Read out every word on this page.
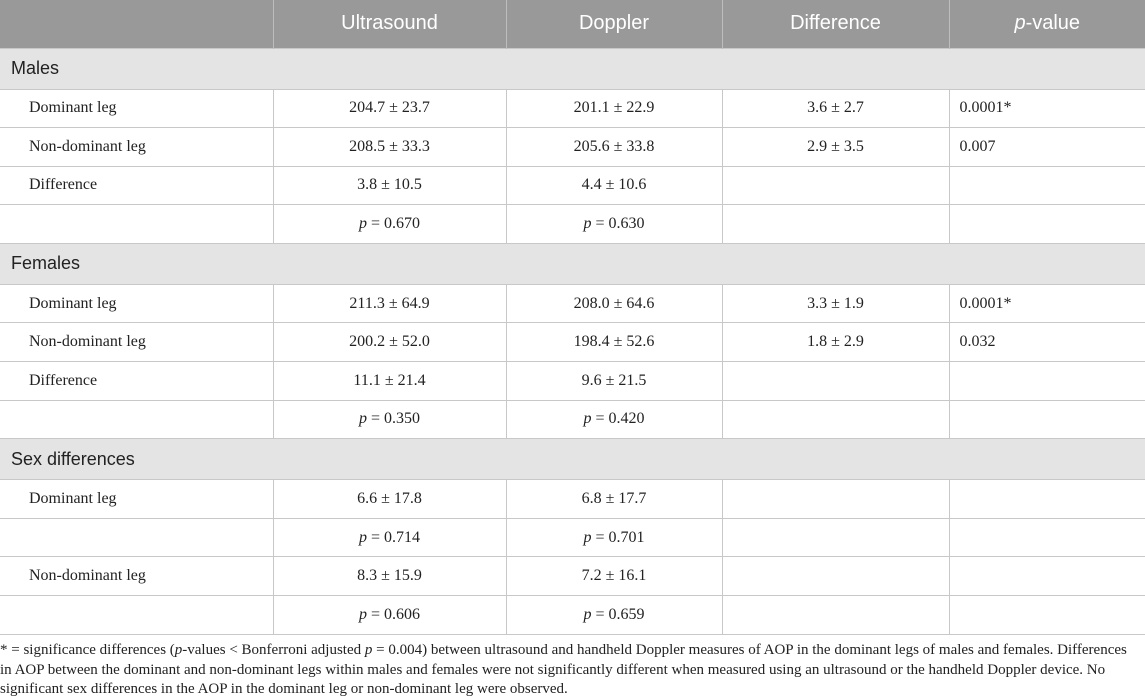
	Ultrasound	Doppler	Difference	p-value
Males				
Dominant leg	204.7 ± 23.7	201.1 ± 22.9	3.6 ± 2.7	0.0001*
Non-dominant leg	208.5 ± 33.3	205.6 ± 33.8	2.9 ± 3.5	0.007
Difference	3.8 ± 10.5	4.4 ± 10.6		
	p = 0.670	p = 0.630		
Females				
Dominant leg	211.3 ± 64.9	208.0 ± 64.6	3.3 ± 1.9	0.0001*
Non-dominant leg	200.2 ± 52.0	198.4 ± 52.6	1.8 ± 2.9	0.032
Difference	11.1 ± 21.4	9.6 ± 21.5		
	p = 0.350	p = 0.420		
Sex differences				
Dominant leg	6.6 ± 17.8	6.8 ± 17.7		
	p = 0.714	p = 0.701		
Non-dominant leg	8.3 ± 15.9	7.2 ± 16.1		
	p = 0.606	p = 0.659		
* = significance differences (p-values < Bonferroni adjusted p = 0.004) between ultrasound and handheld Doppler measures of AOP in the dominant legs of males and females. Differences in AOP between the dominant and non-dominant legs within males and females were not significantly different when measured using an ultrasound or the handheld Doppler device. No significant sex differences in the AOP in the dominant leg or non-dominant leg were observed.
